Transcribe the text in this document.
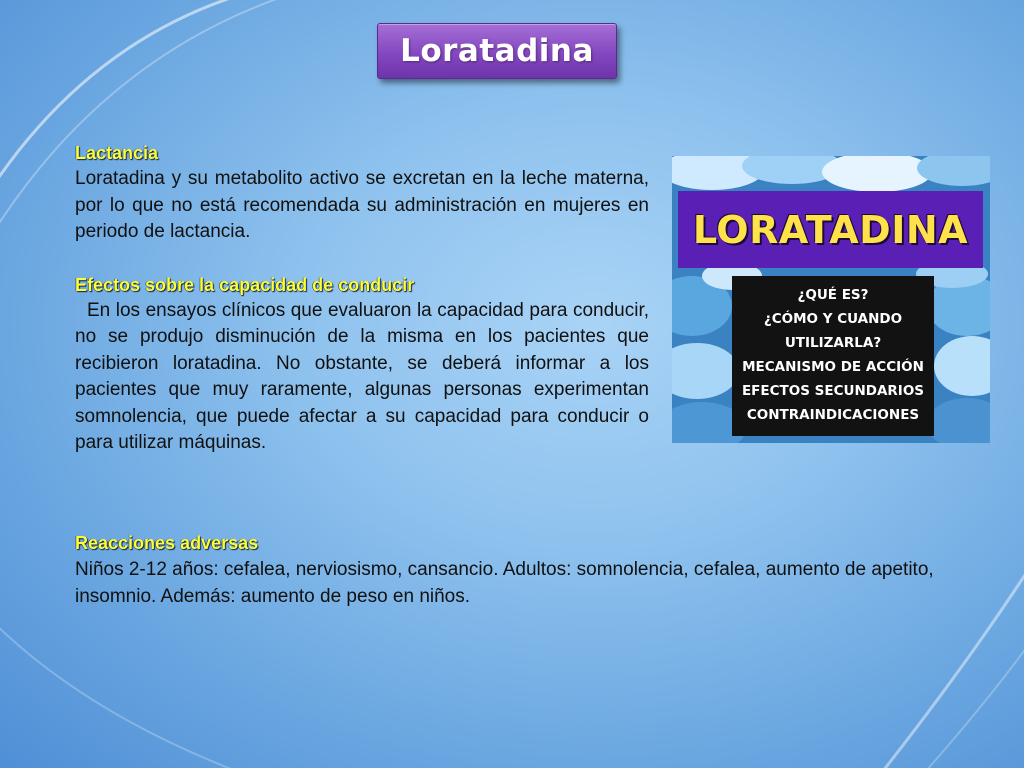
Loratadina
Lactancia

Loratadina y su metabolito activo se excretan en la leche materna, por lo que no está recomendada su administración en mujeres en periodo de lactancia.

Efectos sobre la capacidad de conducir

En los ensayos clínicos que evaluaron la capacidad para conducir, no se produjo disminución de la misma en los pacientes que recibieron loratadina. No obstante, se deberá informar a los pacientes que muy raramente, algunas personas experimentan somnolencia, que puede afectar a su capacidad para conducir o para utilizar máquinas.

Reacciones adversas

Niños 2-12 años: cefalea, nerviosismo, cansancio. Adultos: somnolencia, cefalea, aumento de apetito, insomnio. Además: aumento de peso en niños.

LORATADINA
¿QUÉ ES?
¿CÓMO Y CUANDO
UTILIZARLA?
MECANISMO DE ACCIÓN
EFECTOS SECUNDARIOS
CONTRAINDICACIONES
